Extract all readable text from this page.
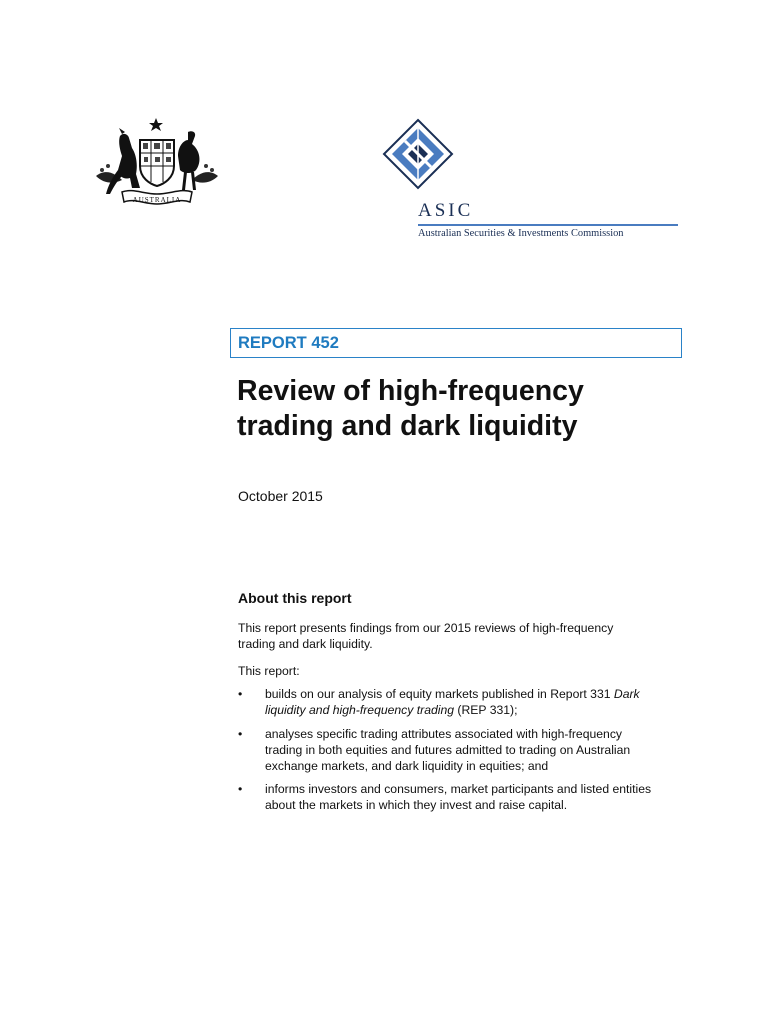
AUSTRALIA	ASIC
Australian Securities & Investments Commission
REPORT 452
Review of high-frequency
trading and dark liquidity
October 2015
About this report
This report presents findings from our 2015 reviews of high-frequency
trading and dark liquidity.
This report:
• builds on our analysis of equity markets published in Report 331 Dark
liquidity and high-frequency trading (REP 331);
• analyses specific trading attributes associated with high-frequency
trading in both equities and futures admitted to trading on Australian
exchange markets, and dark liquidity in equities; and
• informs investors and consumers, market participants and listed entities
about the markets in which they invest and raise capital.
